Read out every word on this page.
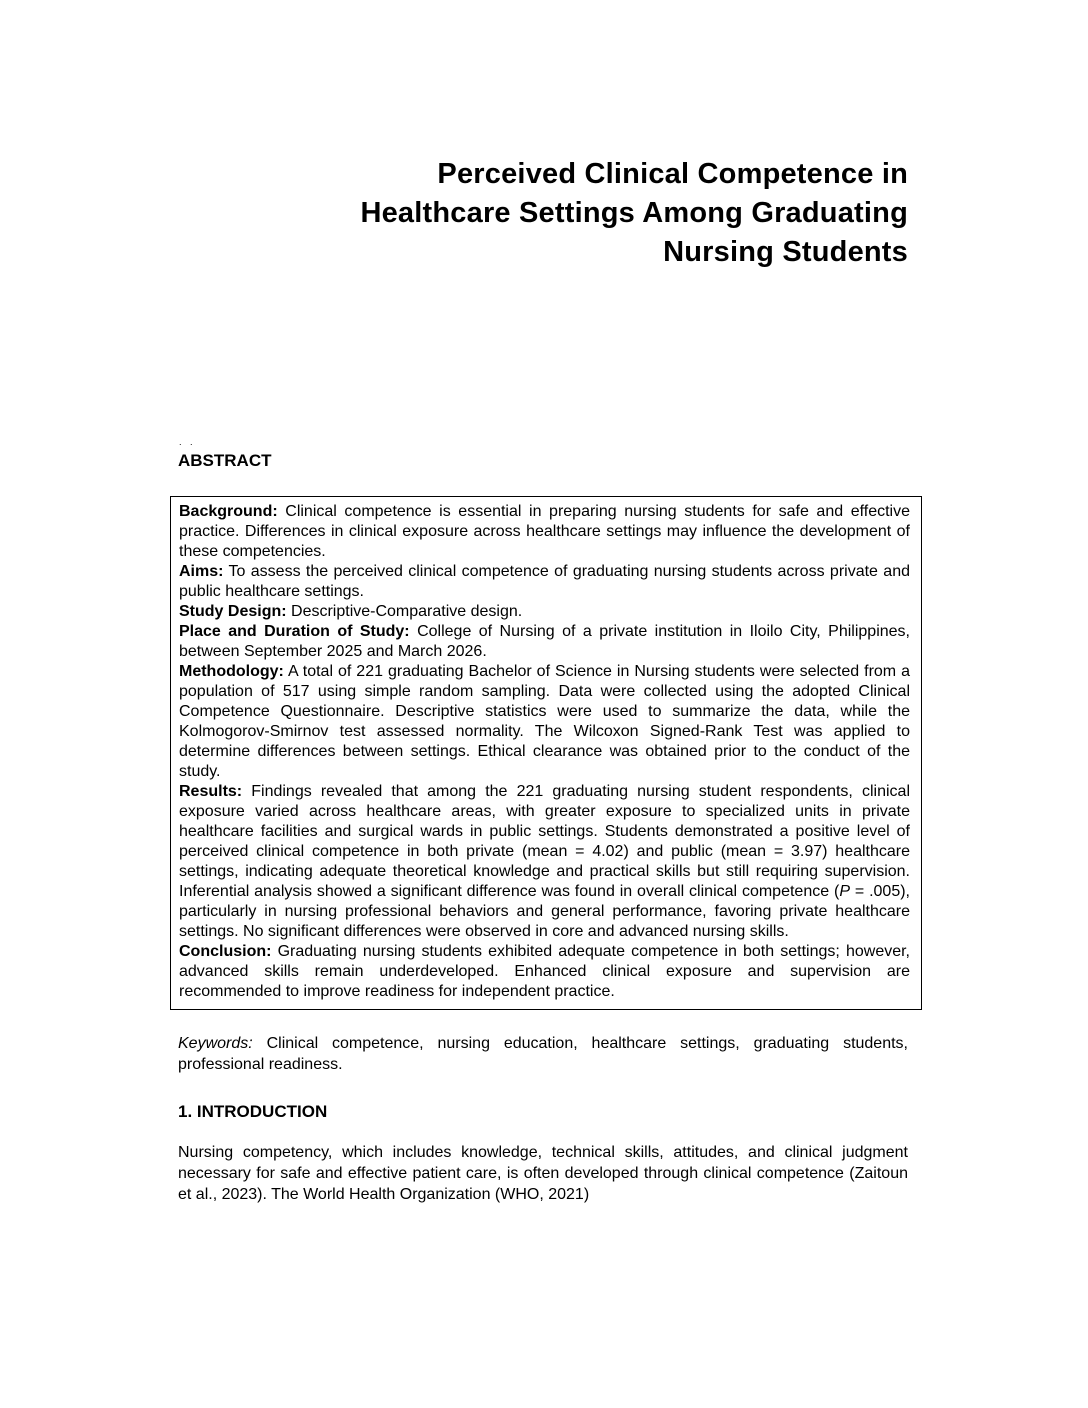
Perceived Clinical Competence in
Healthcare Settings Among Graduating
Nursing Students
. .
ABSTRACT

Background: Clinical competence is essential in preparing nursing students for safe and effective practice. Differences in clinical exposure across healthcare settings may influence the development of these competencies.

Aims: To assess the perceived clinical competence of graduating nursing students across private and public healthcare settings.

Study Design: Descriptive-Comparative design.

Place and Duration of Study: College of Nursing of a private institution in Iloilo City, Philippines, between September 2025 and March 2026.

Methodology: A total of 221 graduating Bachelor of Science in Nursing students were selected from a population of 517 using simple random sampling. Data were collected using the adopted Clinical Competence Questionnaire. Descriptive statistics were used to summarize the data, while the Kolmogorov-Smirnov test assessed normality. The Wilcoxon Signed-Rank Test was applied to determine differences between settings. Ethical clearance was obtained prior to the conduct of the study.

Results: Findings revealed that among the 221 graduating nursing student respondents, clinical exposure varied across healthcare areas, with greater exposure to specialized units in private healthcare facilities and surgical wards in public settings. Students demonstrated a positive level of perceived clinical competence in both private (mean = 4.02) and public (mean = 3.97) healthcare settings, indicating adequate theoretical knowledge and practical skills but still requiring supervision. Inferential analysis showed a significant difference was found in overall clinical competence (P = .005), particularly in nursing professional behaviors and general performance, favoring private healthcare settings. No significant differences were observed in core and advanced nursing skills.

Conclusion: Graduating nursing students exhibited adequate competence in both settings; however, advanced skills remain underdeveloped. Enhanced clinical exposure and supervision are recommended to improve readiness for independent practice.

Keywords: Clinical competence, nursing education, healthcare settings, graduating students, professional readiness.

1. INTRODUCTION

Nursing competency, which includes knowledge, technical skills, attitudes, and clinical judgment necessary for safe and effective patient care, is often developed through clinical competence (Zaitoun et al., 2023). The World Health Organization (WHO, 2021)
